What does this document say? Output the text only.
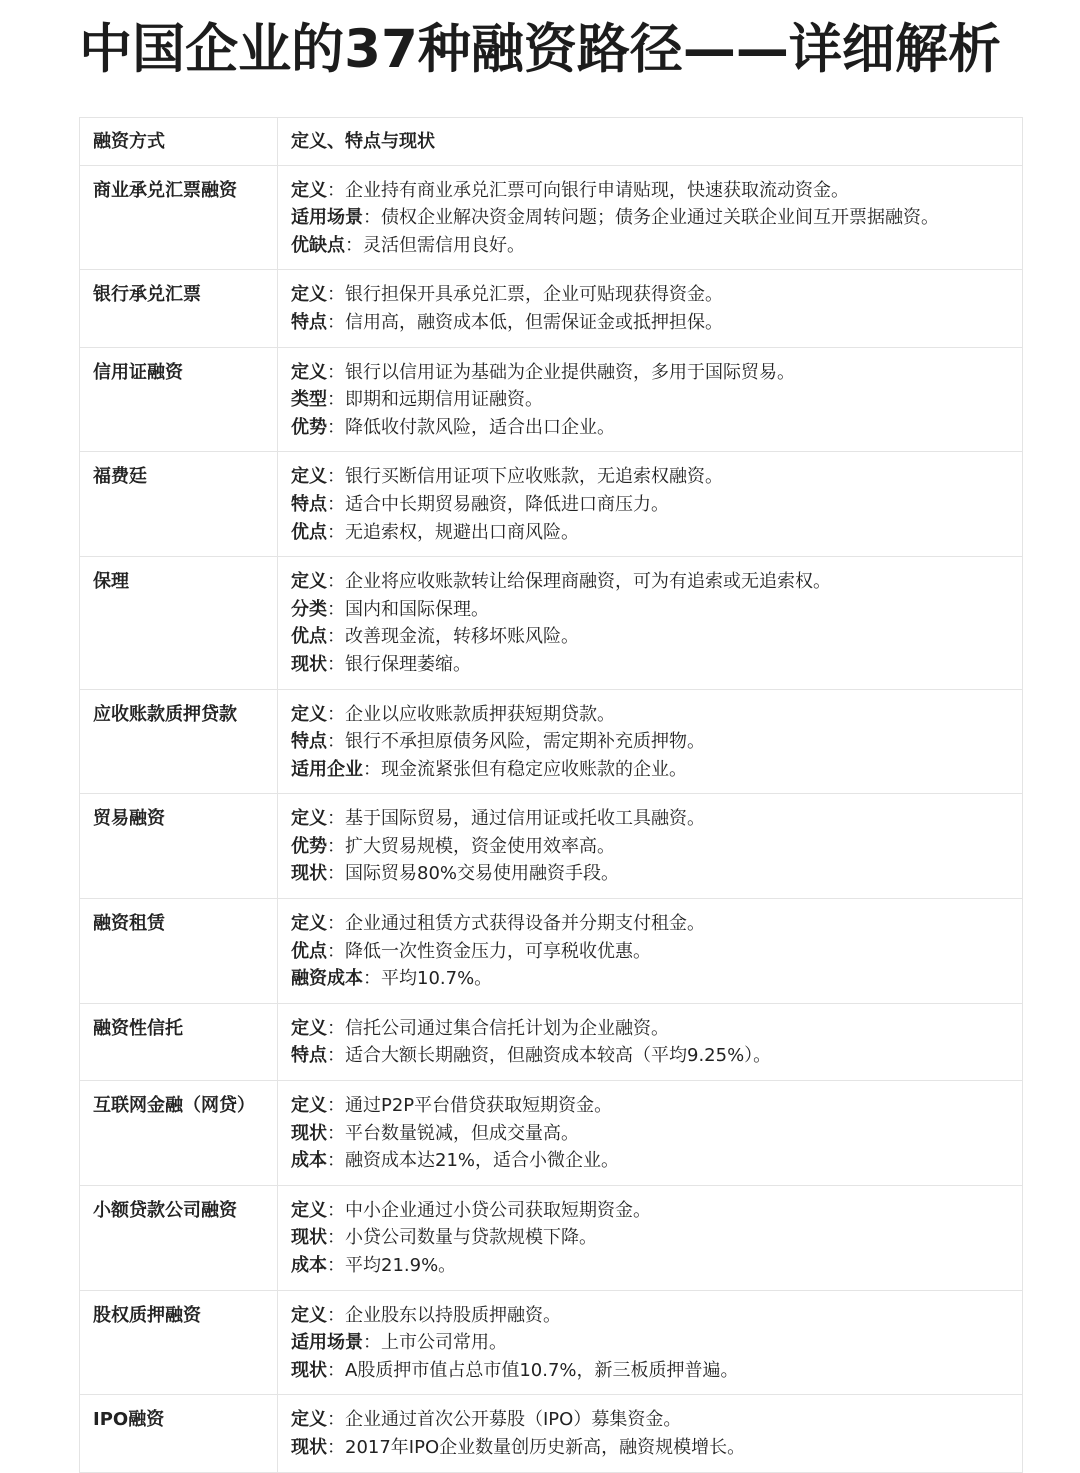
中国企业的37种融资路径——详细解析
融资方式	定义、特点与现状
商业承兑汇票融资	定义：企业持有商业承兑汇票可向银行申请贴现，快速获取流动资金。
适用场景：债权企业解决资金周转问题；债务企业通过关联企业间互开票据融资。
优缺点：灵活但需信用良好。

银行承兑汇票	定义：银行担保开具承兑汇票，企业可贴现获得资金。
特点：信用高，融资成本低，但需保证金或抵押担保。

信用证融资	定义：银行以信用证为基础为企业提供融资，多用于国际贸易。
类型：即期和远期信用证融资。
优势：降低收付款风险，适合出口企业。

福费廷	定义：银行买断信用证项下应收账款，无追索权融资。
特点：适合中长期贸易融资，降低进口商压力。
优点：无追索权，规避出口商风险。

保理	定义：企业将应收账款转让给保理商融资，可为有追索或无追索权。
分类：国内和国际保理。
优点：改善现金流，转移坏账风险。
现状：银行保理萎缩。

应收账款质押贷款	定义：企业以应收账款质押获短期贷款。
特点：银行不承担原债务风险，需定期补充质押物。
适用企业：现金流紧张但有稳定应收账款的企业。

贸易融资	定义：基于国际贸易，通过信用证或托收工具融资。
优势：扩大贸易规模，资金使用效率高。
现状：国际贸易80%交易使用融资手段。

融资租赁	定义：企业通过租赁方式获得设备并分期支付租金。
优点：降低一次性资金压力，可享税收优惠。
融资成本：平均10.7%。

融资性信托	定义：信托公司通过集合信托计划为企业融资。
特点：适合大额长期融资，但融资成本较高（平均9.25%）。

互联网金融（网贷）	定义：通过P2P平台借贷获取短期资金。
现状：平台数量锐减，但成交量高。
成本：融资成本达21%，适合小微企业。

小额贷款公司融资	定义：中小企业通过小贷公司获取短期资金。
现状：小贷公司数量与贷款规模下降。
成本：平均21.9%。

股权质押融资	定义：企业股东以持股质押融资。
适用场景：上市公司常用。
现状：A股质押市值占总市值10.7%，新三板质押普遍。

IPO融资	定义：企业通过首次公开募股（IPO）募集资金。
现状：2017年IPO企业数量创历史新高，融资规模增长。
